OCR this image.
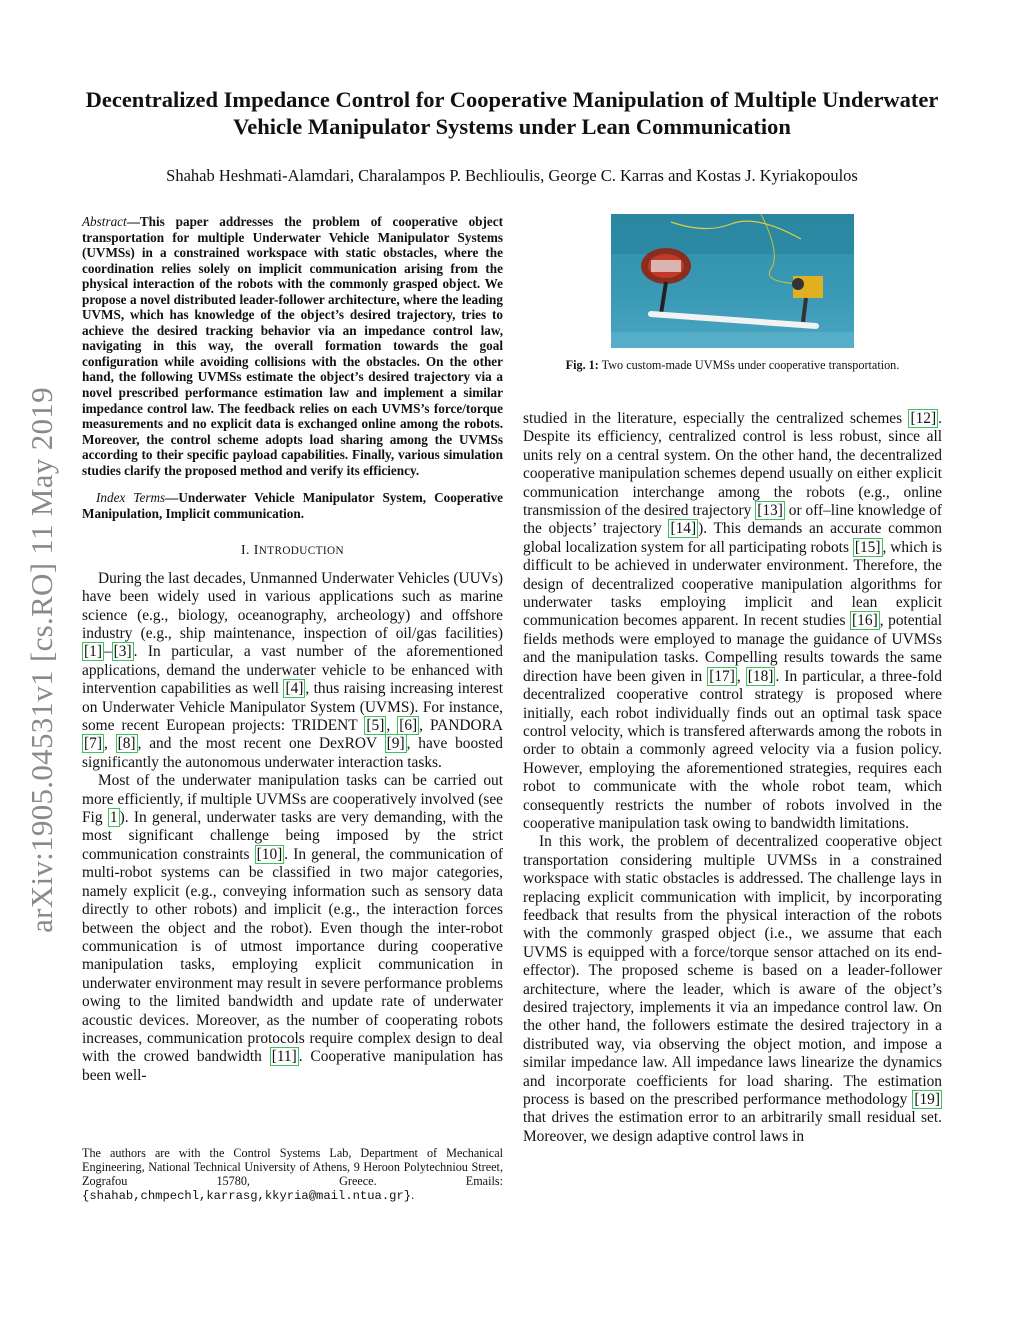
arXiv:1905.04531v1 [cs.RO] 11 May 2019
Decentralized Impedance Control for Cooperative Manipulation of Multiple Underwater Vehicle Manipulator Systems under Lean Communication
Shahab Heshmati-Alamdari, Charalampos P. Bechlioulis, George C. Karras and Kostas J. Kyriakopoulos

Abstract—This paper addresses the problem of cooperative object transportation for multiple Underwater Vehicle Manipulator Systems (UVMSs) in a constrained workspace with static obstacles, where the coordination relies solely on implicit communication arising from the physical interaction of the robots with the commonly grasped object. We propose a novel distributed leader-follower architecture, where the leading UVMS, which has knowledge of the object’s desired trajectory, tries to achieve the desired tracking behavior via an impedance control law, navigating in this way, the overall formation towards the goal configuration while avoiding collisions with the obstacles. On the other hand, the following UVMSs estimate the object’s desired trajectory via a novel prescribed performance estimation law and implement a similar impedance control law. The feedback relies on each UVMS’s force/torque measurements and no explicit data is exchanged online among the robots. Moreover, the control scheme adopts load sharing among the UVMSs according to their specific payload capabilities. Finally, various simulation studies clarify the proposed method and verify its efficiency.

Index Terms—Underwater Vehicle Manipulator System, Cooperative Manipulation, Implicit communication.

I. INTRODUCTION

During the last decades, Unmanned Underwater Vehicles (UUVs) have been widely used in various applications such as marine science (e.g., biology, oceanography, archeology) and offshore industry (e.g., ship maintenance, inspection of oil/gas facilities) [1] – [3] . In particular, a vast number of the aforementioned applications, demand the underwater vehicle to be enhanced with intervention capabilities as well [4] , thus raising increasing interest on Underwater Vehicle Manipulator System (UVMS). For instance, some recent European projects: TRIDENT [5] , [6] , PANDORA [7] , [8] , and the most recent one DexROV [9] , have boosted significantly the autonomous underwater interaction tasks.

Most of the underwater manipulation tasks can be carried out more efficiently, if multiple UVMSs are cooperatively involved (see Fig 1 ). In general, underwater tasks are very demanding, with the most significant challenge being imposed by the strict communication constraints [10] . In general, the communication of multi-robot systems can be classified in two major categories, namely explicit (e.g., conveying information such as sensory data directly to other robots) and implicit (e.g., the interaction forces between the object and the robot). Even though the inter-robot communication is of utmost importance during cooperative manipulation tasks, employing explicit communication in underwater environment may result in severe performance problems owing to the limited bandwidth and update rate of underwater acoustic devices. Moreover, as the number of cooperating robots increases, communication protocols require complex design to deal with the crowed bandwidth [11] . Cooperative manipulation has been well-

The authors are with the Control Systems Lab, Department of Mechanical Engineering, National Technical University of Athens, 9 Heroon Polytechniou Street, Zografou 15780, Greece. Emails: {shahab,chmpechl,karrasg,kkyria@mail.ntua.gr}.
Fig. 1: Two custom-made UVMSs under cooperative transportation.

studied in the literature, especially the centralized schemes [12] . Despite its efficiency, centralized control is less robust, since all units rely on a central system. On the other hand, the decentralized cooperative manipulation schemes depend usually on either explicit communication interchange among the robots (e.g., online transmission of the desired trajectory [13] or off–line knowledge of the objects’ trajectory [14] ). This demands an accurate common global localization system for all participating robots [15] , which is difficult to be achieved in underwater environment. Therefore, the design of decentralized cooperative manipulation algorithms for underwater tasks employing implicit and lean explicit communication becomes apparent. In recent studies [16] , potential fields methods were employed to manage the guidance of UVMSs and the manipulation tasks. Compelling results towards the same direction have been given in [17] , [18] . In particular, a three-fold decentralized cooperative control strategy is proposed where initially, each robot individually finds out an optimal task space control velocity, which is transfered afterwards among the robots in order to obtain a commonly agreed velocity via a fusion policy. However, employing the aforementioned strategies, requires each robot to communicate with the whole robot team, which consequently restricts the number of robots involved in the cooperative manipulation task owing to bandwidth limitations.

In this work, the problem of decentralized cooperative object transportation considering multiple UVMSs in a constrained workspace with static obstacles is addressed. The challenge lays in replacing explicit communication with implicit, by incorporating feedback that results from the physical interaction of the robots with the commonly grasped object (i.e., we assume that each UVMS is equipped with a force/torque sensor attached on its end-effector). The proposed scheme is based on a leader-follower architecture, where the leader, which is aware of the object’s desired trajectory, implements it via an impedance control law. On the other hand, the followers estimate the desired trajectory in a distributed way, via observing the object motion, and impose a similar impedance law. All impedance laws linearize the dynamics and incorporate coefficients for load sharing. The estimation process is based on the prescribed performance methodology [19] that drives the estimation error to an arbitrarily small residual set. Moreover, we design adaptive control laws in
